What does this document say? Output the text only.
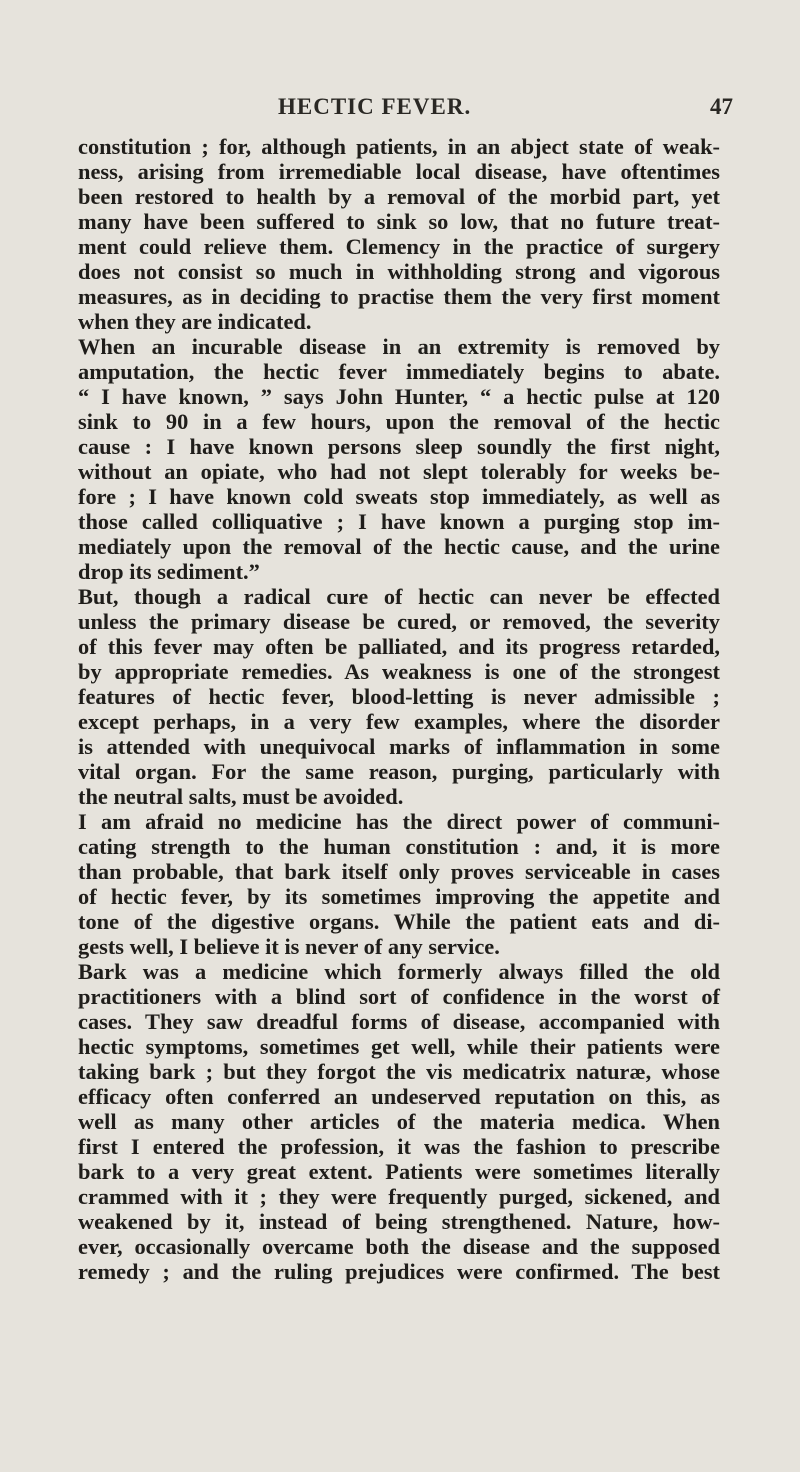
HECTIC FEVER.	47
constitution ; for, although patients, in an abject state of weak-
ness, arising from irremediable local disease, have oftentimes
been restored to health by a removal of the morbid part, yet
many have been suffered to sink so low, that no future treat-
ment could relieve them. Clemency in the practice of surgery
does not consist so much in withholding strong and vigorous
measures, as in deciding to practise them the very first moment
when they are indicated.
When an incurable disease in an extremity is removed by
amputation, the hectic fever immediately begins to abate.
“ I have known, ” says John Hunter, “ a hectic pulse at 120
sink to 90 in a few hours, upon the removal of the hectic
cause : I have known persons sleep soundly the first night,
without an opiate, who had not slept tolerably for weeks be-
fore ; I have known cold sweats stop immediately, as well as
those called colliquative ; I have known a purging stop im-
mediately upon the removal of the hectic cause, and the urine
drop its sediment.”
But, though a radical cure of hectic can never be effected
unless the primary disease be cured, or removed, the severity
of this fever may often be palliated, and its progress retarded,
by appropriate remedies. As weakness is one of the strongest
features of hectic fever, blood-letting is never admissible ;
except perhaps, in a very few examples, where the disorder
is attended with unequivocal marks of inflammation in some
vital organ. For the same reason, purging, particularly with
the neutral salts, must be avoided.
I am afraid no medicine has the direct power of communi-
cating strength to the human constitution : and, it is more
than probable, that bark itself only proves serviceable in cases
of hectic fever, by its sometimes improving the appetite and
tone of the digestive organs. While the patient eats and di-
gests well, I believe it is never of any service.
Bark was a medicine which formerly always filled the old
practitioners with a blind sort of confidence in the worst of
cases. They saw dreadful forms of disease, accompanied with
hectic symptoms, sometimes get well, while their patients were
taking bark ; but they forgot the vis medicatrix naturæ, whose
efficacy often conferred an undeserved reputation on this, as
well as many other articles of the materia medica. When
first I entered the profession, it was the fashion to prescribe
bark to a very great extent. Patients were sometimes literally
crammed with it ; they were frequently purged, sickened, and
weakened by it, instead of being strengthened. Nature, how-
ever, occasionally overcame both the disease and the supposed
remedy ; and the ruling prejudices were confirmed. The best
